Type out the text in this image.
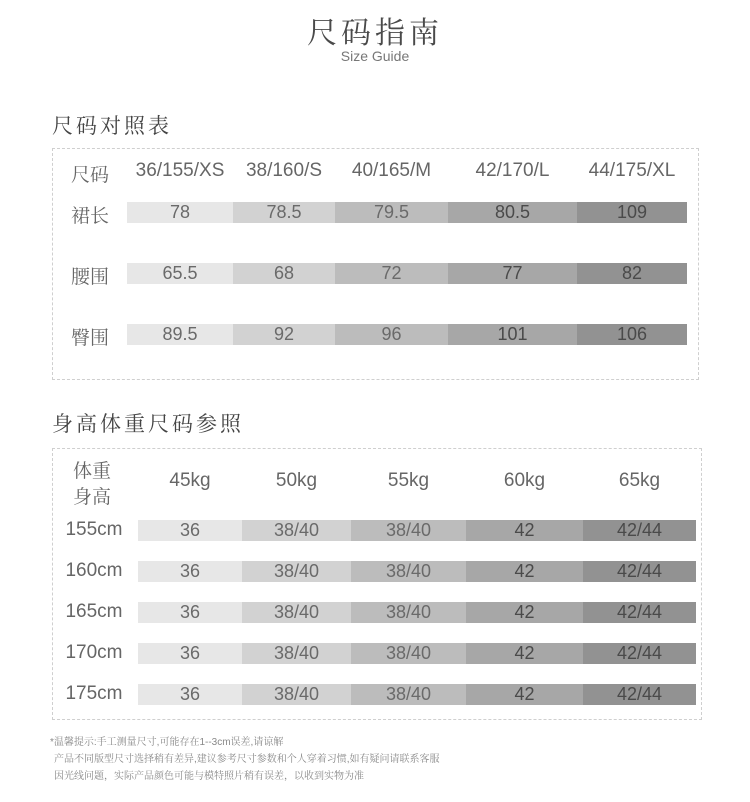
尺码指南
Size Guide
尺码对照表
尺码	36/155/XS	38/160/S	40/165/M	42/170/L	44/175/XL
裙长	78	78.5	79.5	80.5	109
腰围	65.5	68	72	77	82
臀围	89.5	92	96	101	106
身高体重尺码参照
体重
身高
45kg	50kg	55kg	60kg	65kg
155cm	36	38/40	38/40	42	42/44
160cm	36	38/40	38/40	42	42/44
165cm	36	38/40	38/40	42	42/44
170cm	36	38/40	38/40	42	42/44
175cm	36	38/40	38/40	42	42/44
*温馨提示:手工测量尺寸,可能存在1--3cm误差,请谅解
产品不同版型尺寸选择稍有差异,建议参考尺寸参数和个人穿着习惯,如有疑问请联系客服
因光线问题，实际产品颜色可能与模特照片稍有误差，以收到实物为准
